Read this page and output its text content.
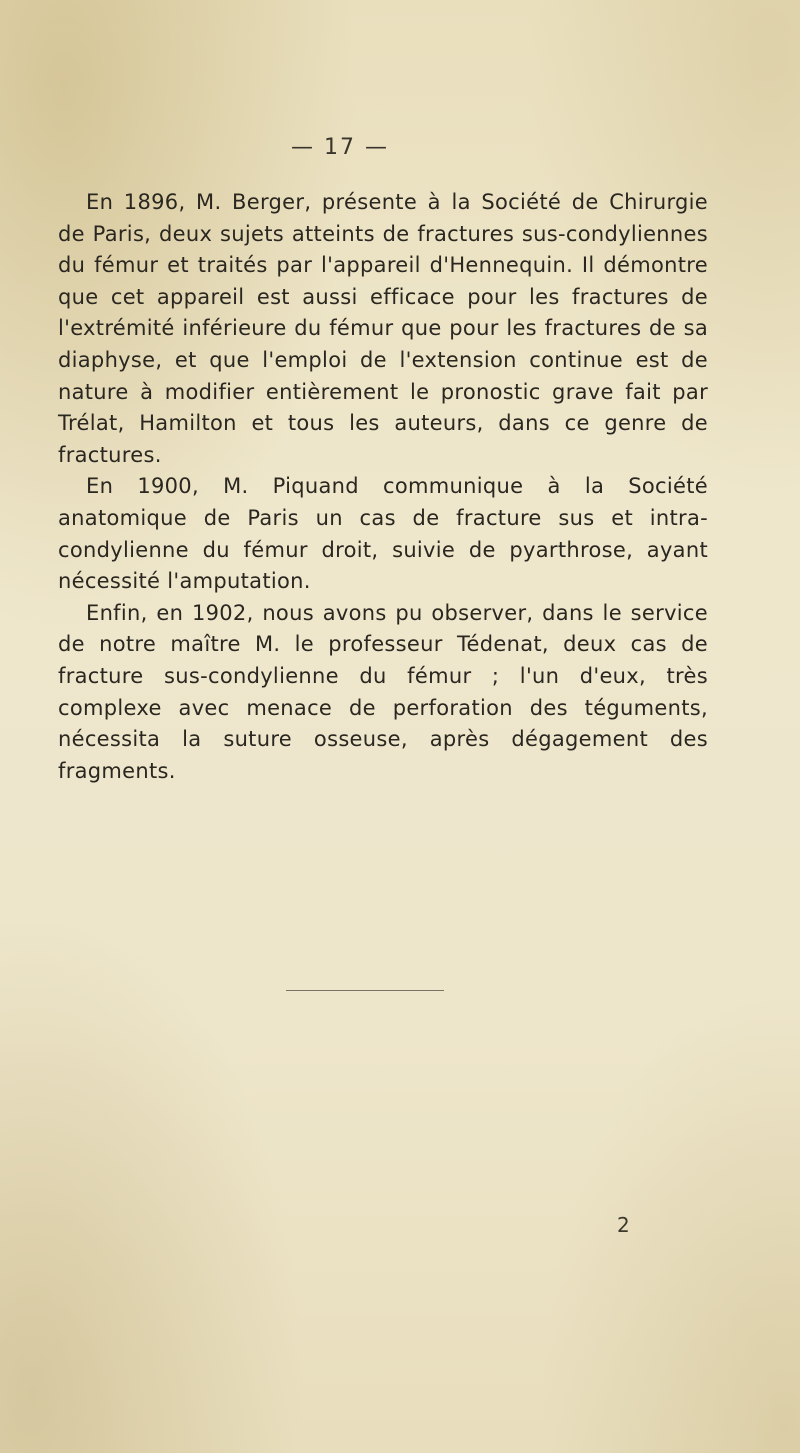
— 17 —

En 1896, M. Berger, présente à la Société de Chirurgie de Paris, deux sujets atteints de fractures sus-condyliennes du fémur et traités par l'appareil d'Hennequin. Il démontre que cet appareil est aussi efficace pour les fractures de l'extrémité inférieure du fémur que pour les fractures de sa diaphyse, et que l'emploi de l'extension continue est de nature à modifier entièrement le pronostic grave fait par Trélat, Hamilton et tous les auteurs, dans ce genre de fractures.

En 1900, M. Piquand communique à la Société anatomique de Paris un cas de fracture sus et intra-condylienne du fémur droit, suivie de pyarthrose, ayant nécessité l'amputation.

Enfin, en 1902, nous avons pu observer, dans le service de notre maître M. le professeur Tédenat, deux cas de fracture sus-condylienne du fémur ; l'un d'eux, très complexe avec menace de perforation des téguments, nécessita la suture osseuse, après dégagement des fragments.

2
